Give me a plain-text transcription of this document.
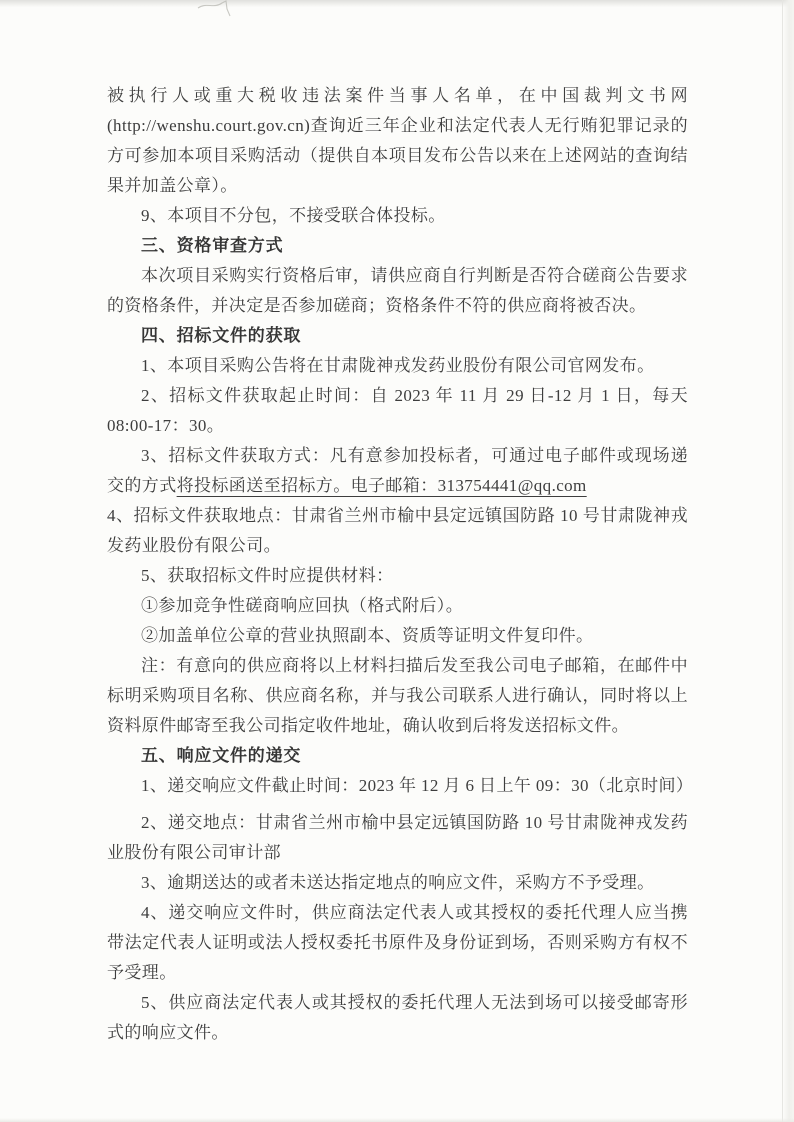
被执行人或重大税收违法案件当事人名单，在中国裁判文书网(http://wenshu.court.gov.cn)查询近三年企业和法定代表人无行贿犯罪记录的方可参加本项目采购活动（提供自本项目发布公告以来在上述网站的查询结果并加盖公章）。

9、本项目不分包，不接受联合体投标。

三、资格审查方式

本次项目采购实行资格后审，请供应商自行判断是否符合磋商公告要求的资格条件，并决定是否参加磋商；资格条件不符的供应商将被否决。

四、招标文件的获取

1、本项目采购公告将在甘肃陇神戎发药业股份有限公司官网发布。

2、招标文件获取起止时间：自 2023 年 11 月 29 日-12 月 1 日，每天 08:00-17：30。

3、招标文件获取方式：凡有意参加投标者，可通过电子邮件或现场递交的方式将投标函送至招标方。电子邮箱：313754441@qq.com

4、招标文件获取地点：甘肃省兰州市榆中县定远镇国防路 10 号甘肃陇神戎发药业股份有限公司。

5、获取招标文件时应提供材料：

①参加竞争性磋商响应回执（格式附后）。

②加盖单位公章的营业执照副本、资质等证明文件复印件。

注：有意向的供应商将以上材料扫描后发至我公司电子邮箱，在邮件中标明采购项目名称、供应商名称，并与我公司联系人进行确认，同时将以上资料原件邮寄至我公司指定收件地址，确认收到后将发送招标文件。

五、响应文件的递交

1、递交响应文件截止时间：2023 年 12 月 6 日上午 09：30（北京时间）

2、递交地点：甘肃省兰州市榆中县定远镇国防路 10 号甘肃陇神戎发药业股份有限公司审计部

3、逾期送达的或者未送达指定地点的响应文件，采购方不予受理。

4、递交响应文件时，供应商法定代表人或其授权的委托代理人应当携带法定代表人证明或法人授权委托书原件及身份证到场，否则采购方有权不予受理。

5、供应商法定代表人或其授权的委托代理人无法到场可以接受邮寄形式的响应文件。
